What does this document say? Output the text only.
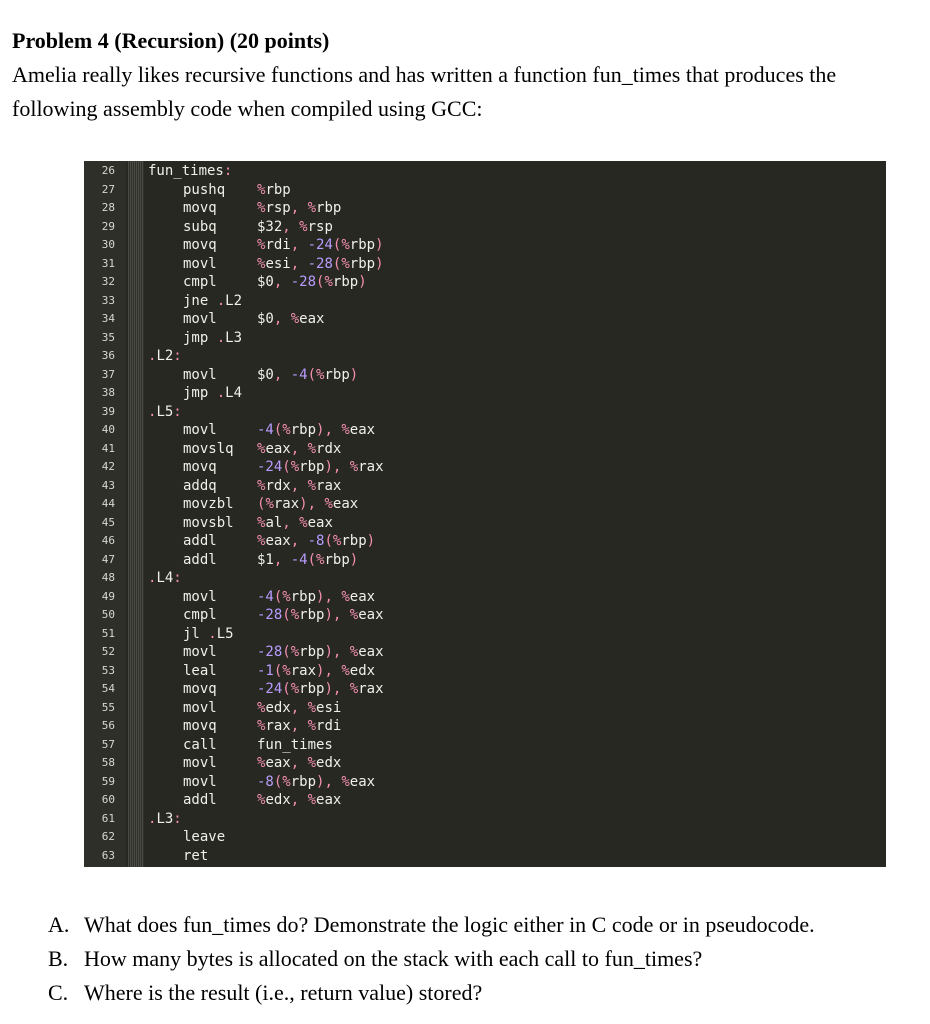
Problem 4 (Recursion) (20 points)

Amelia really likes recursive functions and has written a function fun_times that produces the following assembly code when compiled using GCC:

26 fun_times:
27	pushq %rbp
28	movq	%rsp, %rbp
29	subq	$32, %rsp
30	movq	%rdi, -24(%rbp)
31	movl	%esi, -28(%rbp)
32	cmpl	$0, -28(%rbp)
33	jne .L2
34	movl	$0, %eax
35	jmp .L3
36 .L2:
37	movl	$0, -4(%rbp)
38	jmp .L4
39 .L5:
40	movl	-4(%rbp), %eax
41	movslq %eax, %rdx
42	movq	-24(%rbp), %rax
43	addq	%rdx, %rax
44	movzbl (%rax), %eax
45	movsbl %al, %eax
46	addl	%eax, -8(%rbp)
47	addl	$1, -4(%rbp)
48 .L4:
49	movl	-4(%rbp), %eax
50	cmpl	-28(%rbp), %eax
51	jl .L5
52	movl	-28(%rbp), %eax
53	leal	-1(%rax), %edx
54	movq	-24(%rbp), %rax
55	movl	%edx, %esi
56	movq	%rax, %rdi
57	call	fun_times
58	movl	%eax, %edx
59	movl	-8(%rbp), %eax
60	addl	%edx, %eax
61 .L3:
62	leave
63	ret
A. What does fun_times do? Demonstrate the logic either in C code or in pseudocode.
B. How many bytes is allocated on the stack with each call to fun_times?
C. Where is the result (i.e., return value) stored?
